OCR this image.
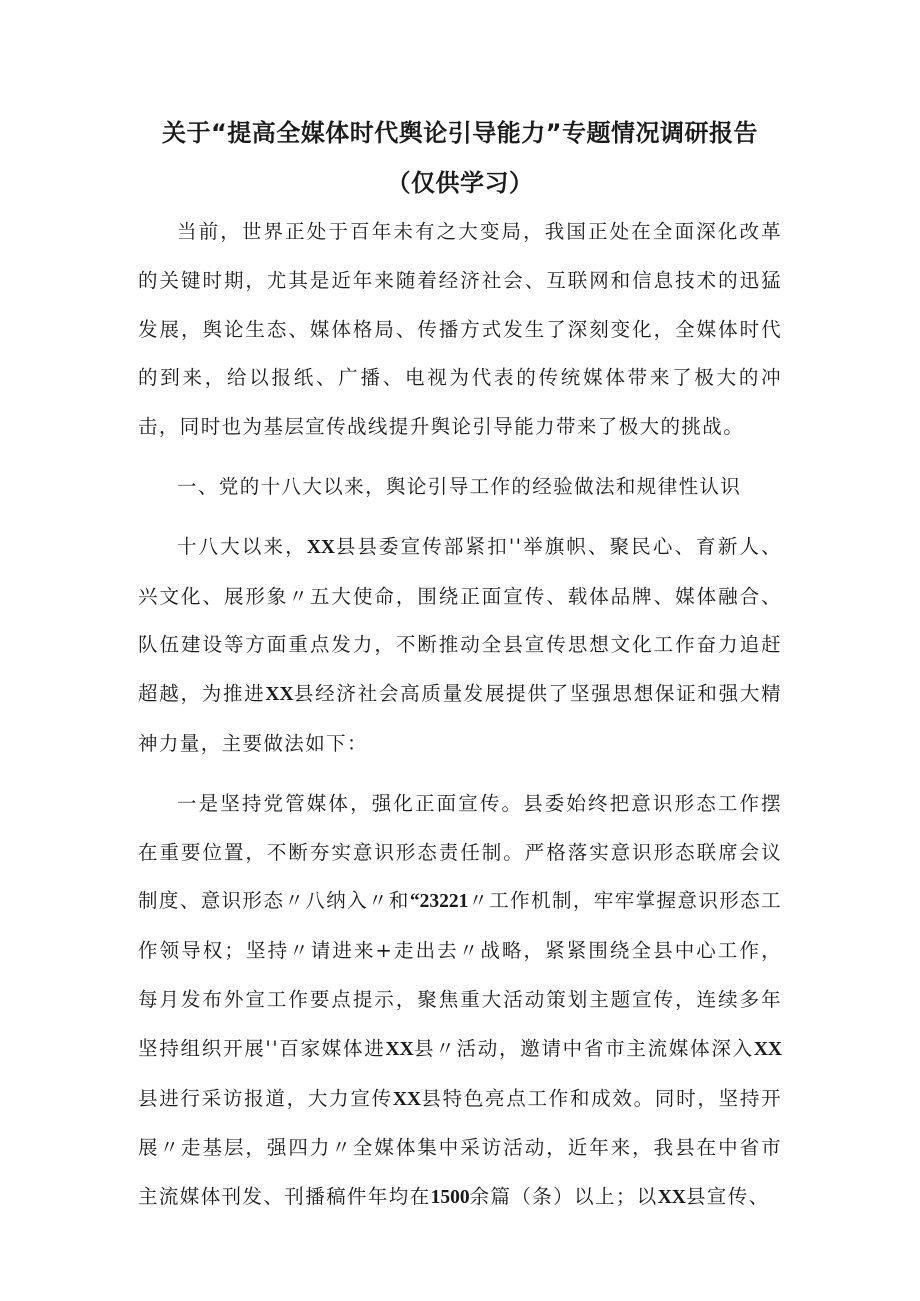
关于“提高全媒体时代舆论引导能力”专题情况调研报告（仅供学习）

当前，世界正处于百年未有之大变局，我国正处在全面深化改革的关键时期，尤其是近年来随着经济社会、互联网和信息技术的迅猛发展，舆论生态、媒体格局、传播方式发生了深刻变化，全媒体时代的到来，给以报纸、广播、电视为代表的传统媒体带来了极大的冲击，同时也为基层宣传战线提升舆论引导能力带来了极大的挑战。

一、党的十八大以来，舆论引导工作的经验做法和规律性认识

十八大以来，XX县县委宣传部紧扣''举旗帜、聚民心、育新人、兴文化、展形象〃五大使命，围绕正面宣传、载体品牌、媒体融合、队伍建设等方面重点发力，不断推动全县宣传思想文化工作奋力追赶超越，为推进XX县经济社会高质量发展提供了坚强思想保证和强大精神力量，主要做法如下：

一是坚持党管媒体，强化正面宣传。县委始终把意识形态工作摆在重要位置，不断夯实意识形态责任制。严格落实意识形态联席会议制度、意识形态〃八纳入〃和“23221〃工作机制，牢牢掌握意识形态工作领导权；坚持〃请进来+走出去〃战略，紧紧围绕全县中心工作，每月发布外宣工作要点提示，聚焦重大活动策划主题宣传，连续多年坚持组织开展''百家媒体进XX县〃活动，邀请中省市主流媒体深入XX县进行采访报道，大力宣传XX县特色亮点工作和成效。同时，坚持开展〃走基层，强四力〃全媒体集中采访活动，近年来，我县在中省市主流媒体刊发、刊播稿件年均在1500余篇（条）以上；以XX县宣传、
